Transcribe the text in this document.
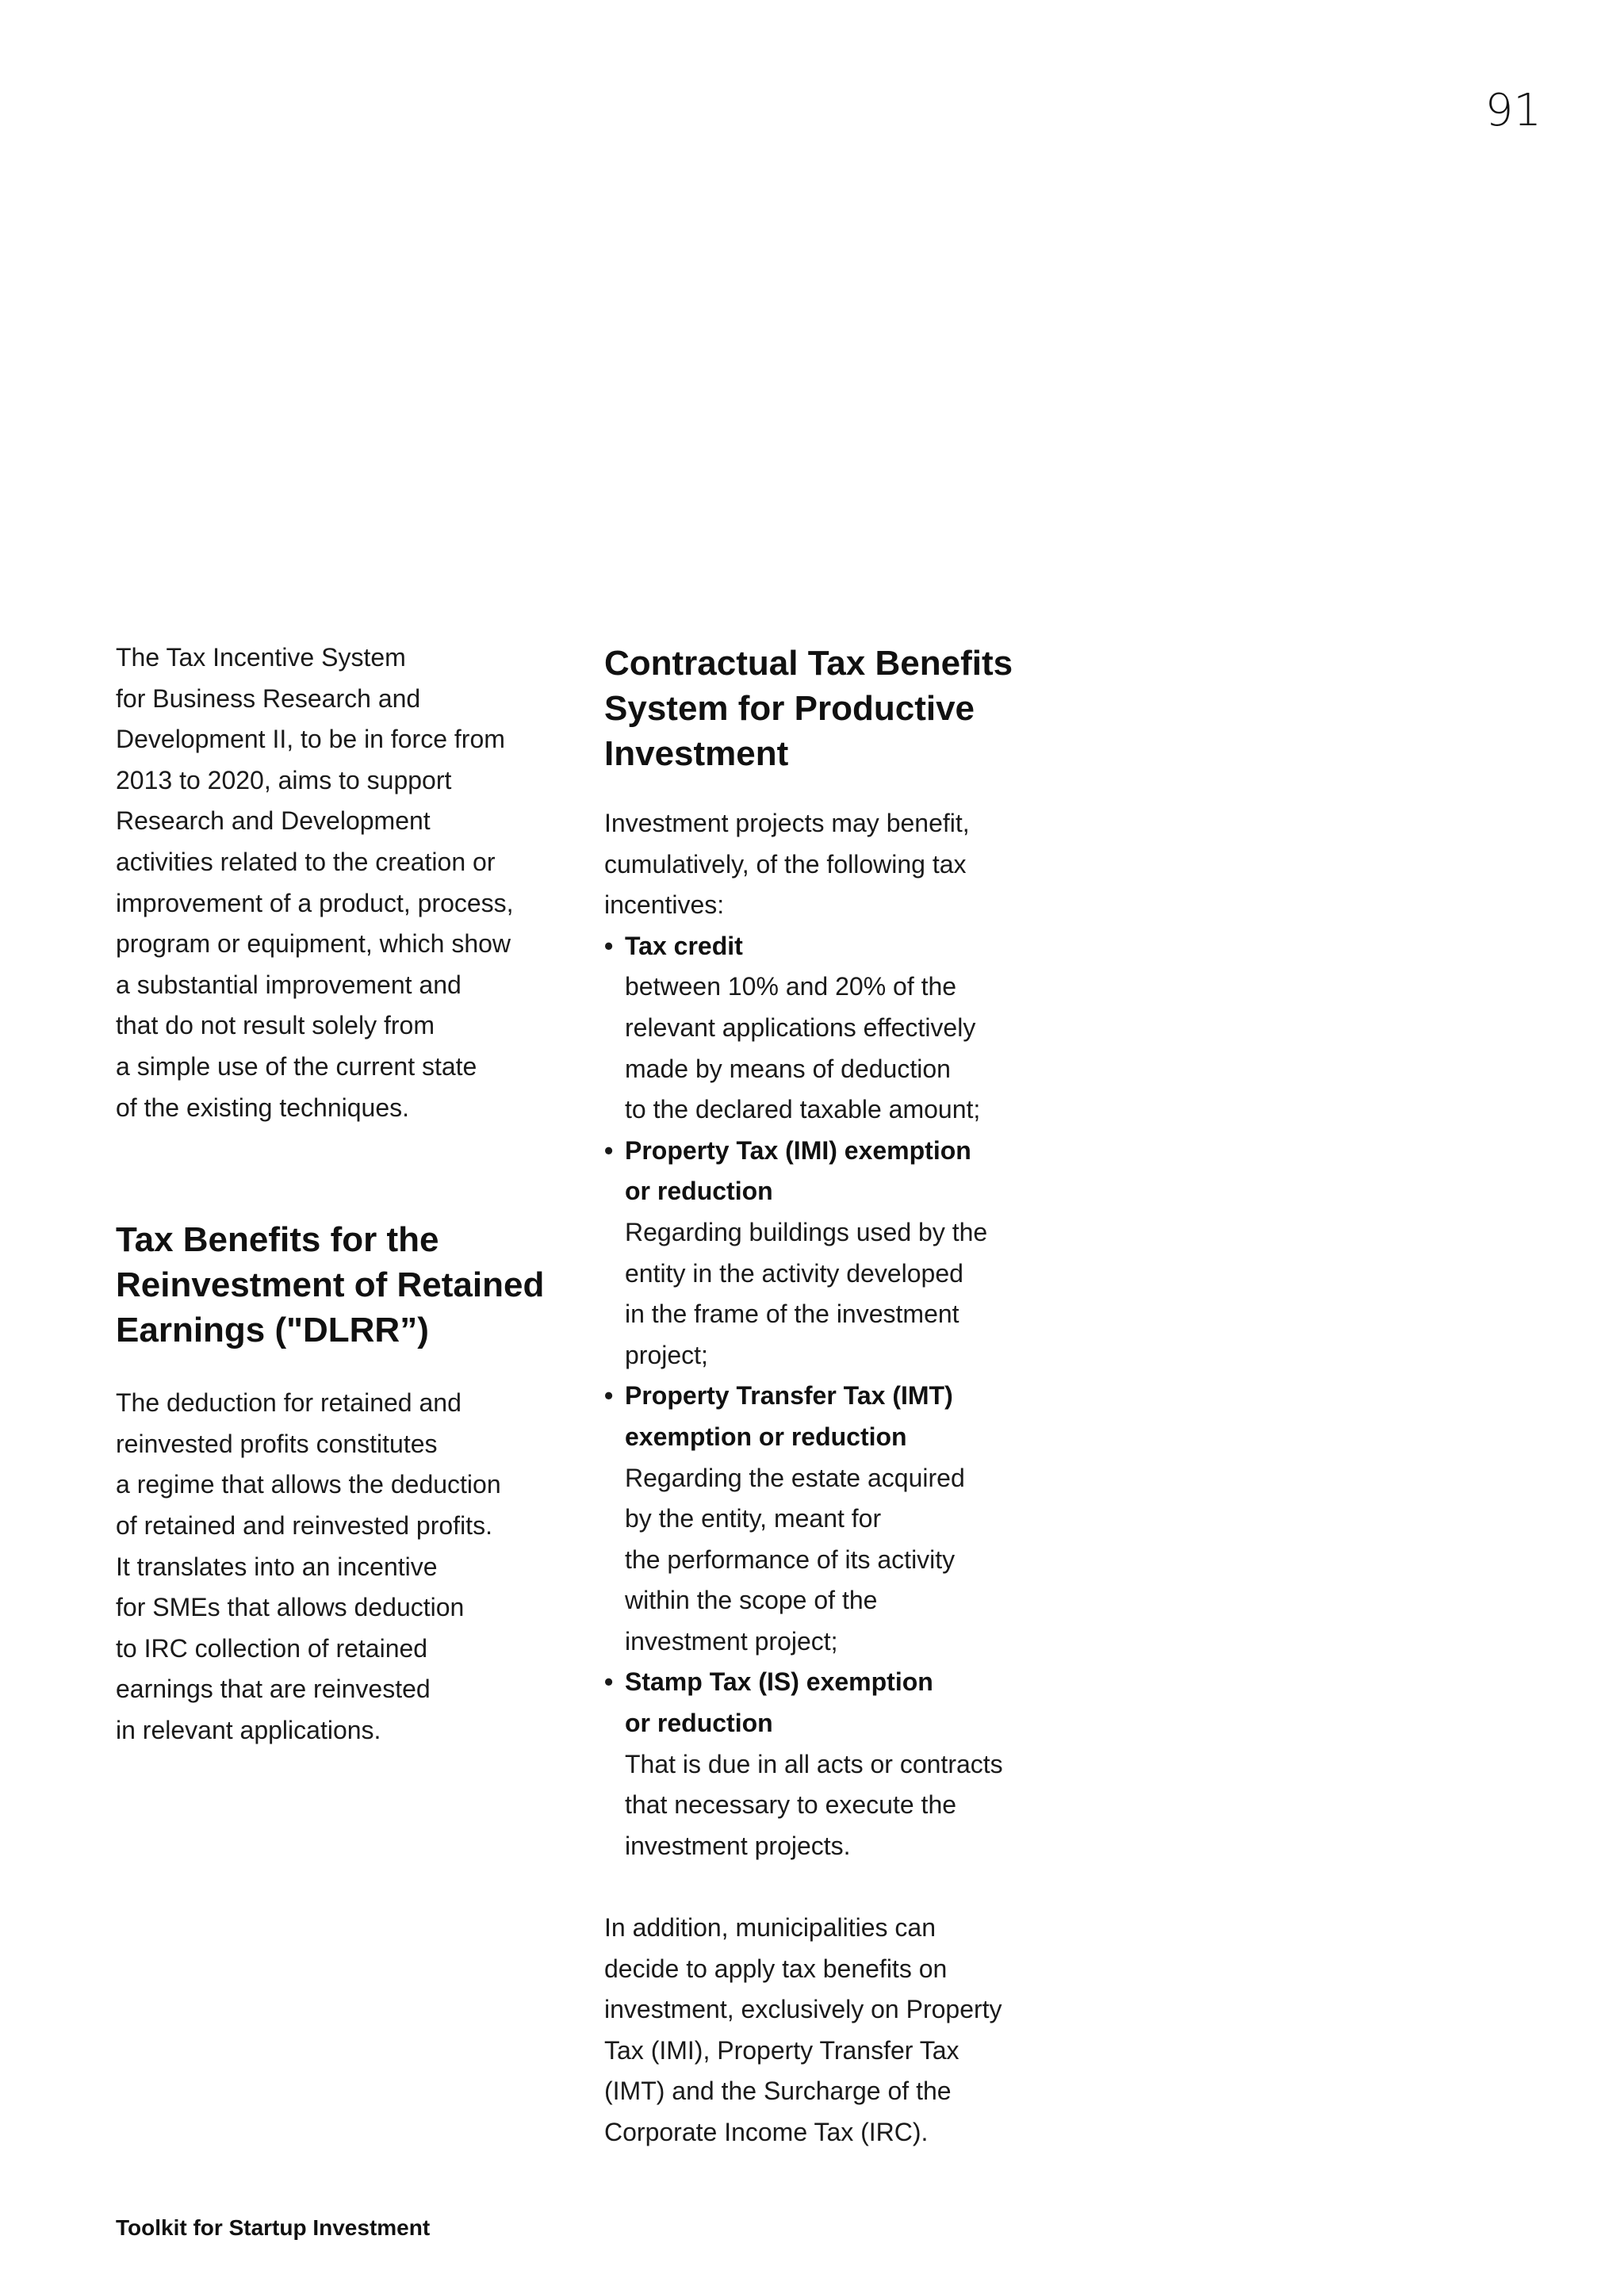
91

The Tax Incentive System
for Business Research and
Development II, to be in force from
2013 to 2020, aims to support
Research and Development
activities related to the creation or
improvement of a product, process,
program or equipment, which show
a substantial improvement and
that do not result solely from
a simple use of the current state
of the existing techniques.

Tax Benefits for the
Reinvestment of Retained
Earnings ("DLRR”)

The deduction for retained and
reinvested profits constitutes
a regime that allows the deduction
of retained and reinvested profits.
It translates into an incentive
for SMEs that allows deduction
to IRC collection of retained
earnings that are reinvested
in relevant applications.

Contractual Tax Benefits
System for Productive
Investment

Investment projects may benefit,
cumulatively, of the following tax
incentives:

• Tax credit
between 10% and 20% of the
relevant applications effectively
made by means of deduction
to the declared taxable amount;
• Property Tax (IMI) exemption
or reduction
Regarding buildings used by the
entity in the activity developed
in the frame of the investment
project;
• Property Transfer Tax (IMT)
exemption or reduction
Regarding the estate acquired
by the entity, meant for
the performance of its activity
within the scope of the
investment project;
• Stamp Tax (IS) exemption
or reduction
That is due in all acts or contracts
that necessary to execute the
investment projects.

In addition, municipalities can
decide to apply tax benefits on
investment, exclusively on Property
Tax (IMI), Property Transfer Tax
(IMT) and the Surcharge of the
Corporate Income Tax (IRC).

Toolkit for Startup Investment
